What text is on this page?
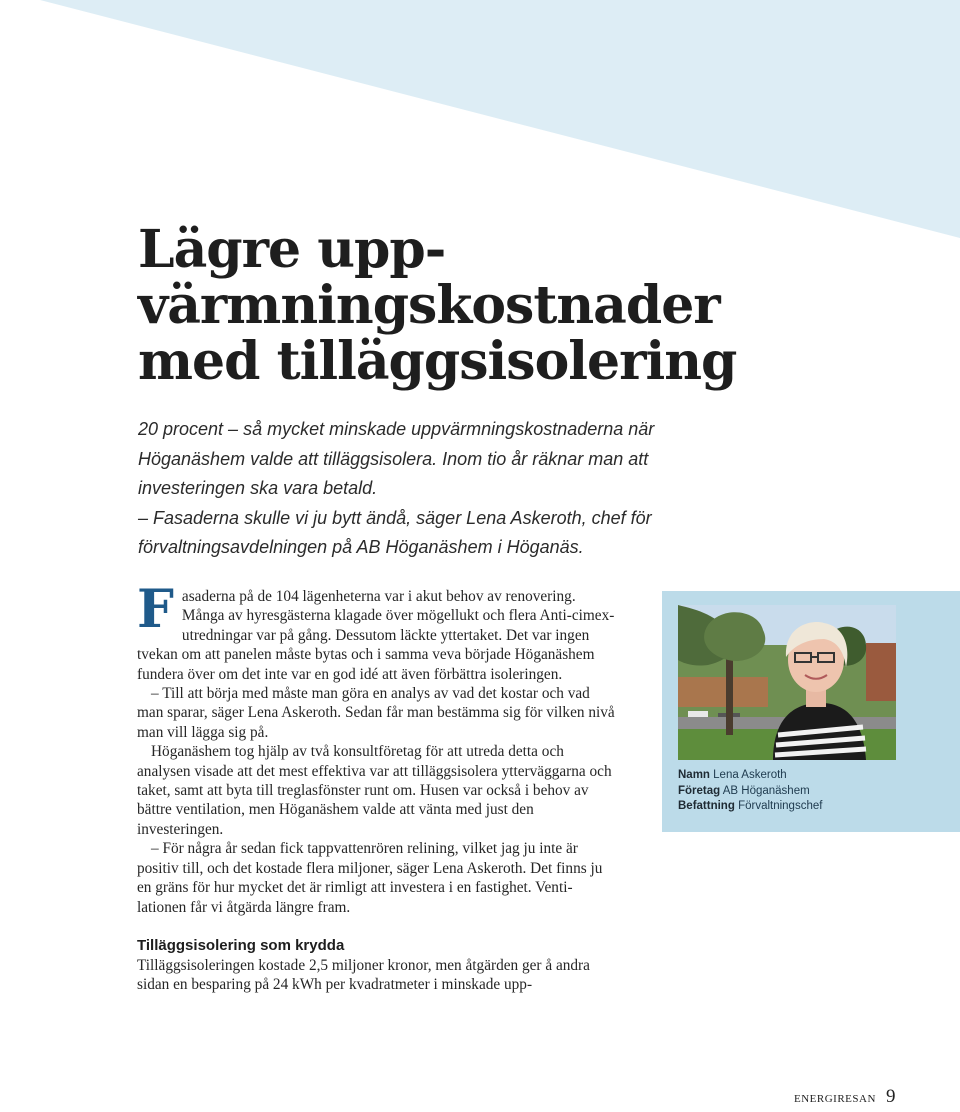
Lägre upp-
värmningskostnader
med tilläggsisolering

20 procent – så mycket minskade uppvärmningskostnaderna när Höganäshem valde att tilläggsisolera. Inom tio år räknar man att investeringen ska vara betald.

– Fasaderna skulle vi ju bytt ändå, säger Lena Askeroth, chef för förvaltningsavdelningen på AB Höganäshem i Höganäs.

F asaderna på de 104 lägenheterna var i akut behov av renovering. Många av hyresgästerna klagade över mögellukt och flera Anti-cimex-utredningar var på gång. Dessutom läckte yttertaket. Det var ingen tvekan om att panelen måste bytas och i samma veva började Höganäshem fundera över om det inte var en god idé att även förbättra isoleringen.

– Till att börja med måste man göra en analys av vad det kostar och vad man sparar, säger Lena Askeroth. Sedan får man bestämma sig för vilken nivå man vill lägga sig på.

Höganäshem tog hjälp av två konsultföretag för att utreda detta och analysen visade att det mest effektiva var att tilläggsisolera ytterväggarna och taket, samt att byta till treglasfönster runt om. Husen var också i behov av bättre ventilation, men Höganäshem valde att vänta med just den investeringen.

– För några år sedan fick tappvattenrören relining, vilket jag ju inte är positiv till, och det kostade flera miljoner, säger Lena Askeroth. Det finns ju en gräns för hur mycket det är rimligt att investera i en fastighet. Venti-lationen får vi åtgärda längre fram.

Tilläggsisolering som krydda

Tilläggsisoleringen kostade 2,5 miljoner kronor, men åtgärden ger å andra sidan en besparing på 24 kWh per kvadratmeter i minskade upp-

Namn Lena Askeroth
Företag AB Höganäshem
Befattning Förvaltningschef
ENERGIRESAN 9
